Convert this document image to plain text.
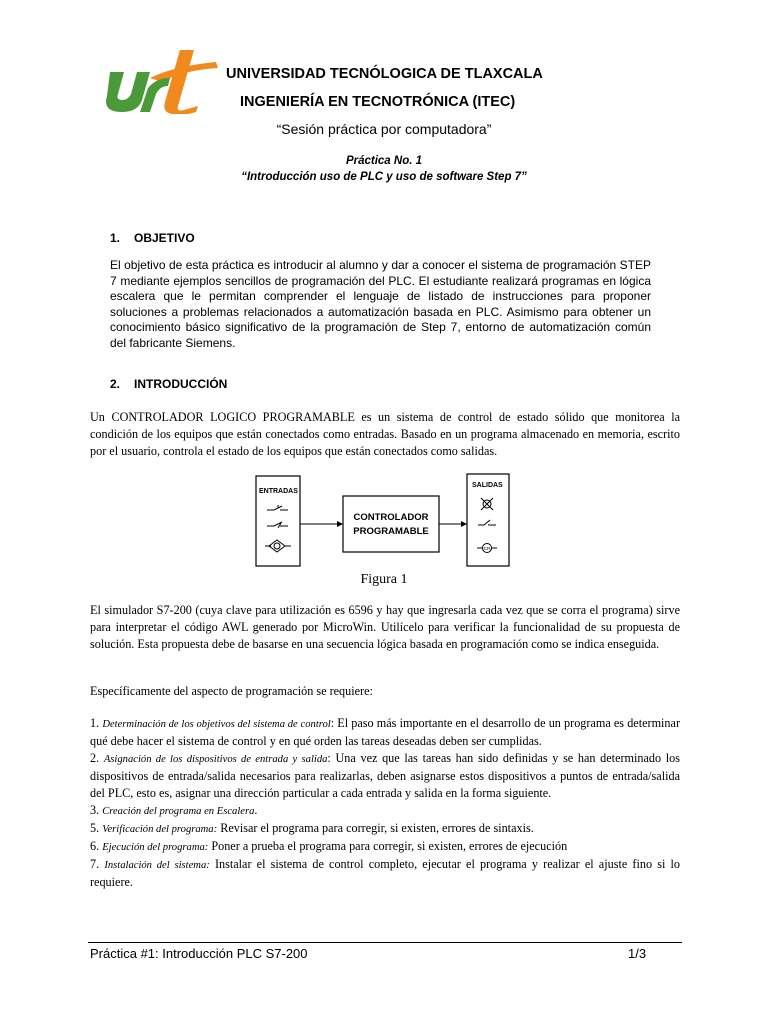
UT
UNIVERSIDAD TECNÓLOGICA DE TLAXCALA
INGENIERÍA EN TECNOTRÓNICA (ITEC)
“Sesión práctica por computadora”
Práctica No. 1
“Introducción uso de PLC y uso de software Step 7”
1. OBJETIVO
El objetivo de esta práctica es introducir al alumno y dar a conocer el sistema de programación STEP 7 mediante ejemplos sencillos de programación del PLC. El estudiante realizará programas en lógica escalera que le permitan comprender el lenguaje de listado de instrucciones para proponer soluciones a problemas relacionados a automatización basada en PLC. Asimismo para obtener un conocimiento básico significativo de la programación de Step 7, entorno de automatización común del fabricante Siemens.
2. INTRODUCCIÓN
Un CONTROLADOR LOGICO PROGRAMABLE es un sistema de control de estado sólido que monitorea la condición de los equipos que están conectados como entradas. Basado en un programa almacenado en memoria, escrito por el usuario, controla el estado de los equipos que están conectados como salidas.
ENTRADAS
CONTROLADOR
PROGRAMABLE
SALIDAS
CR
Figura 1
El simulador S7-200 (cuya clave para utilización es 6596 y hay que ingresarla cada vez que se corra el programa) sirve para interpretar el código AWL generado por MicroWin. Utilícelo para verificar la funcionalidad de su propuesta de solución. Esta propuesta debe de basarse en una secuencia lógica basada en programación como se indica enseguida.
Específicamente del aspecto de programación se requiere:
1. Determinación de los objetivos del sistema de control: El paso más importante en el desarrollo de un programa es determinar qué debe hacer el sistema de control y en qué orden las tareas deseadas deben ser cumplidas.
2. Asignación de los dispositivos de entrada y salida: Una vez que las tareas han sido definidas y se han determinado los dispositivos de entrada/salida necesarios para realizarlas, deben asignarse estos dispositivos a puntos de entrada/salida del PLC, esto es, asignar una dirección particular a cada entrada y salida en la forma siguiente.
3. Creación del programa en Escalera.
5. Verificación del programa: Revisar el programa para corregir, si existen, errores de sintaxis.
6. Ejecución del programa: Poner a prueba el programa para corregir, si existen, errores de ejecución
7. Instalación del sistema: Instalar el sistema de control completo, ejecutar el programa y realizar el ajuste fino si lo requiere.
Práctica #1: Introducción PLC S7-200	1/3
